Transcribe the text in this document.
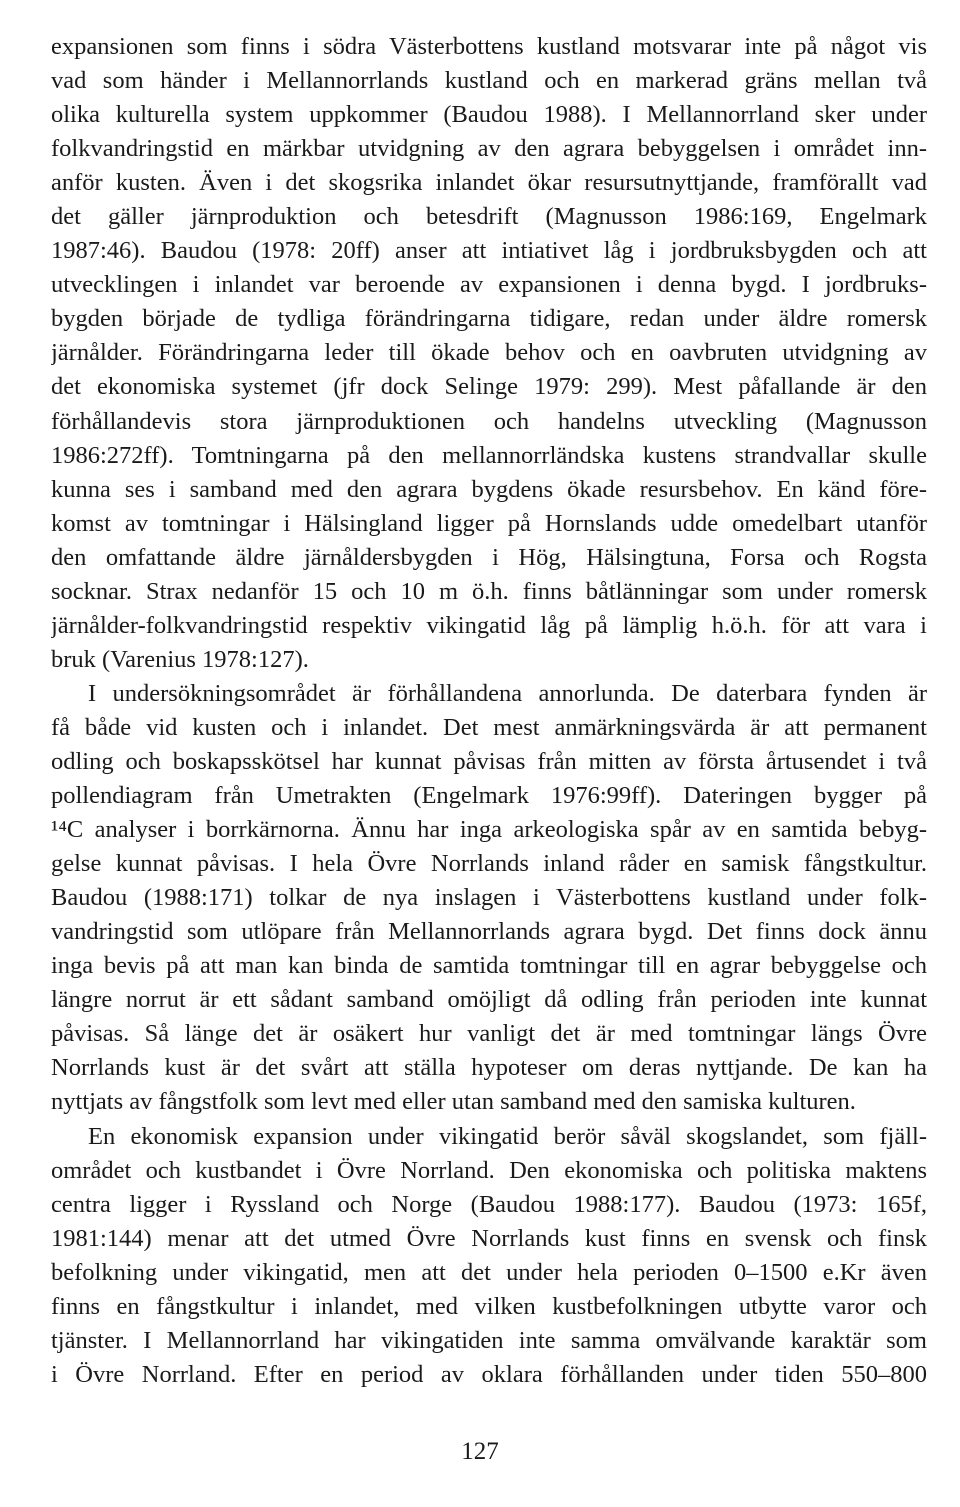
expansionen som finns i södra Västerbottens kustland motsvarar inte på något vis
vad som händer i Mellannorrlands kustland och en markerad gräns mellan två
olika kulturella system uppkommer (Baudou 1988). I Mellannorrland sker under
folkvandringstid en märkbar utvidgning av den agrara bebyggelsen i området inn-
anför kusten. Även i det skogsrika inlandet ökar resursutnyttjande, framförallt vad
det gäller järnproduktion och betesdrift (Magnusson 1986:169, Engelmark
1987:46). Baudou (1978: 20ff) anser att intiativet låg i jordbruksbygden och att
utvecklingen i inlandet var beroende av expansionen i denna bygd. I jordbruks-
bygden började de tydliga förändringarna tidigare, redan under äldre romersk
järnålder. Förändringarna leder till ökade behov och en oavbruten utvidgning av
det ekonomiska systemet (jfr dock Selinge 1979: 299). Mest påfallande är den
förhållandevis stora järnproduktionen och handelns utveckling (Magnusson
1986:272ff). Tomtningarna på den mellannorrländska kustens strandvallar skulle
kunna ses i samband med den agrara bygdens ökade resursbehov. En känd före-
komst av tomtningar i Hälsingland ligger på Hornslands udde omedelbart utanför
den omfattande äldre järnåldersbygden i Hög, Hälsingtuna, Forsa och Rogsta
socknar. Strax nedanför 15 och 10 m ö.h. finns båtlänningar som under romersk
järnålder-folkvandringstid respektiv vikingatid låg på lämplig h.ö.h. för att vara i
bruk (Varenius 1978:127).
I undersökningsområdet är förhållandena annorlunda. De daterbara fynden är
få både vid kusten och i inlandet. Det mest anmärkningsvärda är att permanent
odling och boskapsskötsel har kunnat påvisas från mitten av första årtusendet i två
pollendiagram från Umetrakten (Engelmark 1976:99ff). Dateringen bygger på
¹⁴C analyser i borrkärnorna. Ännu har inga arkeologiska spår av en samtida bebyg-
gelse kunnat påvisas. I hela Övre Norrlands inland råder en samisk fångstkultur.
Baudou (1988:171) tolkar de nya inslagen i Västerbottens kustland under folk-
vandringstid som utlöpare från Mellannorrlands agrara bygd. Det finns dock ännu
inga bevis på att man kan binda de samtida tomtningar till en agrar bebyggelse och
längre norrut är ett sådant samband omöjligt då odling från perioden inte kunnat
påvisas. Så länge det är osäkert hur vanligt det är med tomtningar längs Övre
Norrlands kust är det svårt att ställa hypoteser om deras nyttjande. De kan ha
nyttjats av fångstfolk som levt med eller utan samband med den samiska kulturen.
En ekonomisk expansion under vikingatid berör såväl skogslandet, som fjäll-
området och kustbandet i Övre Norrland. Den ekonomiska och politiska maktens
centra ligger i Ryssland och Norge (Baudou 1988:177). Baudou (1973: 165f,
1981:144) menar att det utmed Övre Norrlands kust finns en svensk och finsk
befolkning under vikingatid, men att det under hela perioden 0–1500 e.Kr även
finns en fångstkultur i inlandet, med vilken kustbefolkningen utbytte varor och
tjänster. I Mellannorrland har vikingatiden inte samma omvälvande karaktär som
i Övre Norrland. Efter en period av oklara förhållanden under tiden 550–800
127
